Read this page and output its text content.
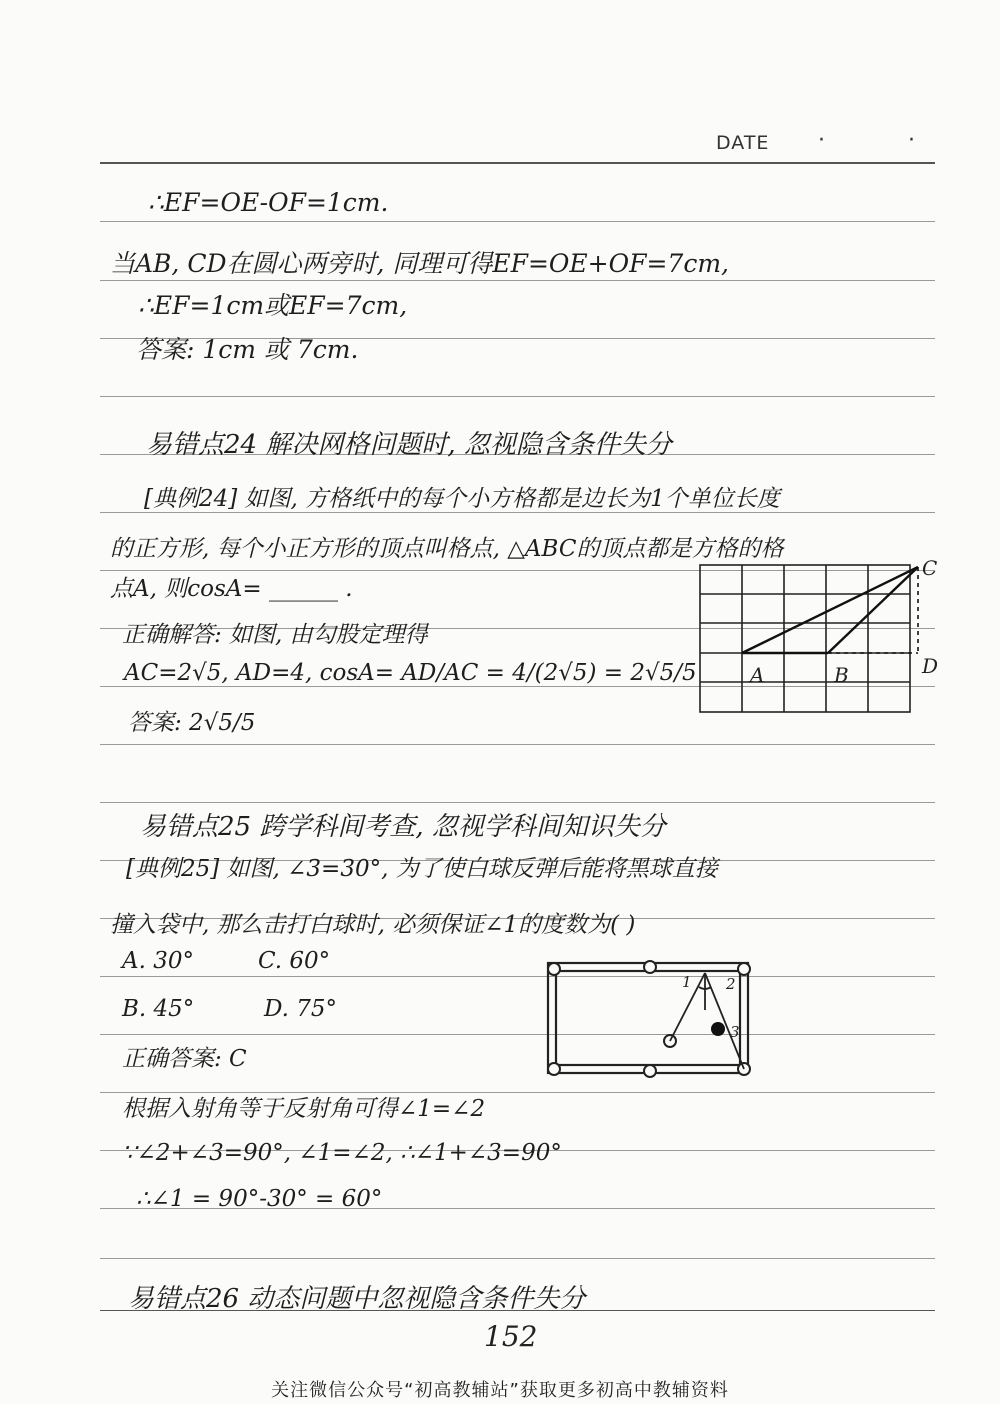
DATE · ·
∴EF=OE-OF=1cm.
当AB, CD在圆心两旁时, 同理可得EF=OE+OF=7cm,
∴EF=1cm或EF=7cm,
答案: 1cm 或 7cm.
易错点24 解决网格问题时, 忽视隐含条件失分
[典例24] 如图, 方格纸中的每个小方格都是边长为1个单位长度
的正方形, 每个小正方形的顶点叫格点, △ABC的顶点都是方格的格
点A, 则cosA= ______ .
正确解答: 如图, 由勾股定理得
AC=2√5, AD=4, cosA= AD/AC = 4/(2√5) = 2√5/5
答案: 2√5/5
易错点25 跨学科间考查, 忽视学科间知识失分
[典例25] 如图, ∠3=30°, 为了使白球反弹后能将黑球直接
撞入袋中, 那么击打白球时, 必须保证∠1的度数为( )
A. 30°	C. 60°
B. 45°	D. 75°
正确答案: C
根据入射角等于反射角可得∠1=∠2
∵∠2+∠3=90°, ∠1=∠2, ∴∠1+∠3=90°
∴∠1 = 90°-30° = 60°
易错点26 动态问题中忽视隐含条件失分
A	B
C
D
1 2
3
152
关注微信公众号“初高教辅站”获取更多初高中教辅资料
